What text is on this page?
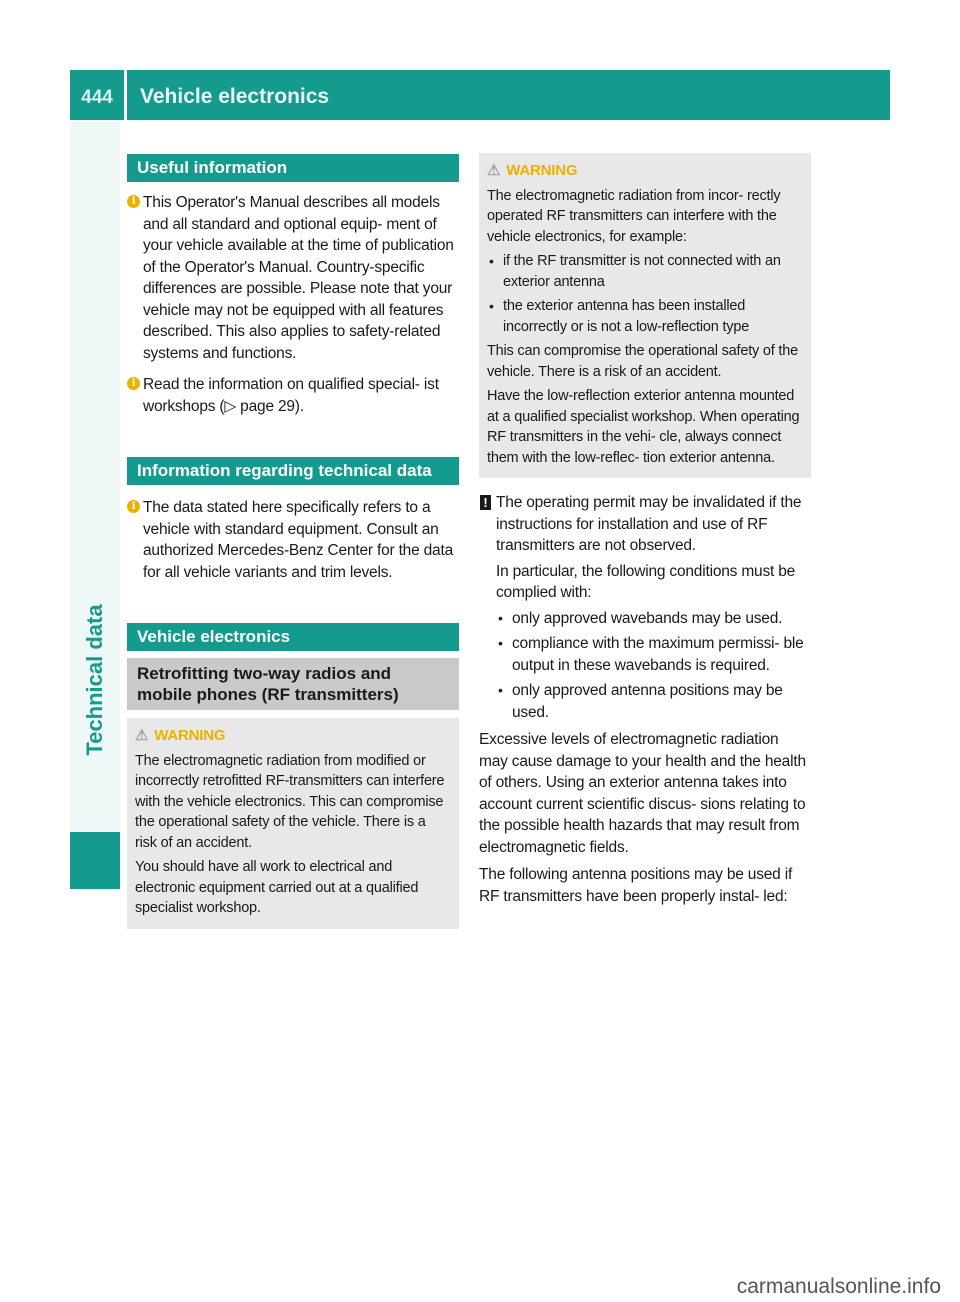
444	Vehicle electronics
Technical data
Useful information
i This Operator's Manual describes all models and all standard and optional equip- ment of your vehicle available at the time of publication of the Operator's Manual. Country-specific differences are possible. Please note that your vehicle may not be equipped with all features described. This also applies to safety-related systems and functions.
i Read the information on qualified special- ist workshops (▷ page 29).
Information regarding technical data
i The data stated here specifically refers to a vehicle with standard equipment. Consult an authorized Mercedes-Benz Center for the data for all vehicle variants and trim levels.
Vehicle electronics
Retrofitting two-way radios and mobile phones (RF transmitters)
⚠ WARNING

The electromagnetic radiation from modified or incorrectly retrofitted RF-transmitters can interfere with the vehicle electronics. This can compromise the operational safety of the vehicle. There is a risk of an accident.

You should have all work to electrical and electronic equipment carried out at a qualified specialist workshop.

⚠ WARNING

The electromagnetic radiation from incor- rectly operated RF transmitters can interfere with the vehicle electronics, for example:

• if the RF transmitter is not connected with an exterior antenna
• the exterior antenna has been installed incorrectly or is not a low-reflection type

This can compromise the operational safety of the vehicle. There is a risk of an accident.

Have the low-reflection exterior antenna mounted at a qualified specialist workshop. When operating RF transmitters in the vehi- cle, always connect them with the low-reflec- tion exterior antenna.

! The operating permit may be invalidated if the instructions for installation and use of RF transmitters are not observed.

In particular, the following conditions must be complied with:

• only approved wavebands may be used.
• compliance with the maximum permissi- ble output in these wavebands is required.
• only approved antenna positions may be used.

Excessive levels of electromagnetic radiation may cause damage to your health and the health of others. Using an exterior antenna takes into account current scientific discus- sions relating to the possible health hazards that may result from electromagnetic fields.

The following antenna positions may be used if RF transmitters have been properly instal- led:

carmanualsonline.info
